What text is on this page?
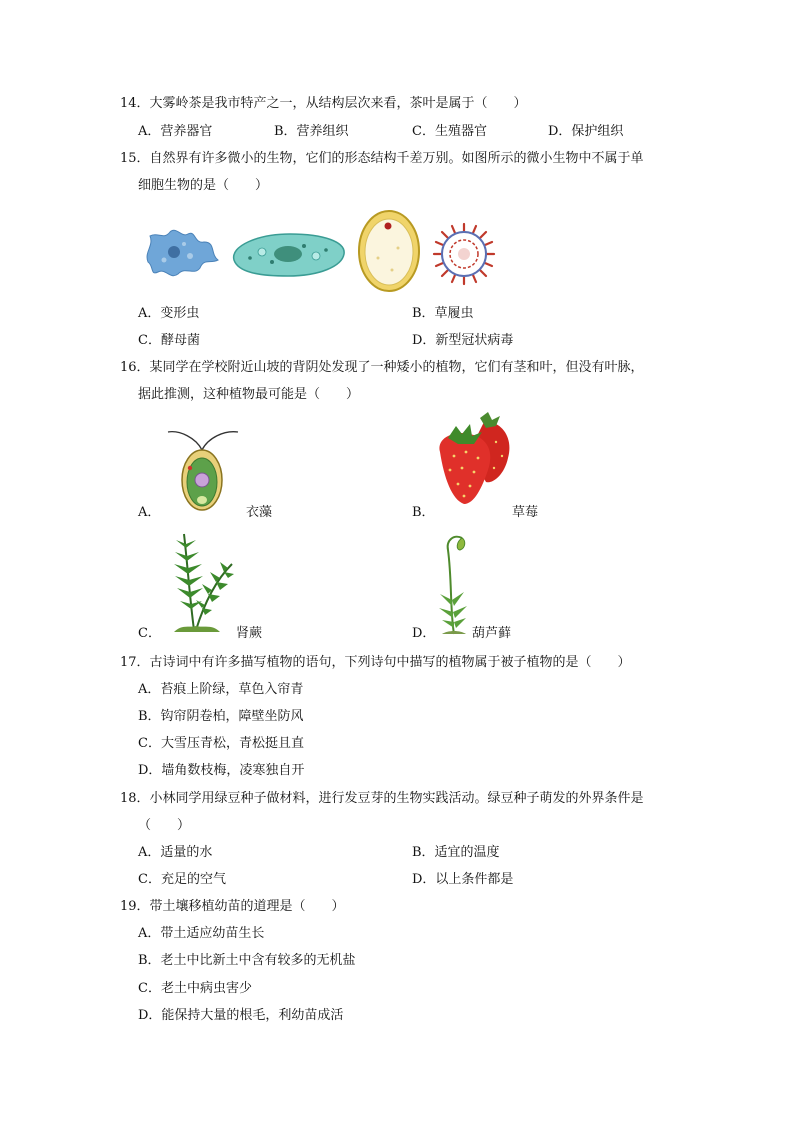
14．大雾岭茶是我市特产之一，从结构层次来看，茶叶是属于（　　）
A．营养器官	B．营养组织	C．生殖器官	D．保护组织
15．自然界有许多微小的生物，它们的形态结构千差万别。如图所示的微小生物中不属于单
细胞生物的是（　　）
A．变形虫	B．草履虫
C．酵母菌	D．新型冠状病毒
16．某同学在学校附近山坡的背阴处发现了一种矮小的植物，它们有茎和叶，但没有叶脉，
据此推测，这种植物最可能是（　　）
A．	衣藻	B．	草莓
C．	肾蕨	D．	葫芦藓
17．古诗词中有许多描写植物的语句，下列诗句中描写的植物属于被子植物的是（　　）
A．苔痕上阶绿，草色入帘青
B．钩帘阴卷柏，障壁坐防风
C．大雪压青松，青松挺且直
D．墙角数枝梅，凌寒独自开
18．小林同学用绿豆种子做材料，进行发豆芽的生物实践活动。绿豆种子萌发的外界条件是
（　　）
A．适量的水	B．适宜的温度
C．充足的空气	D．以上条件都是
19．带土壤移植幼苗的道理是（　　）
A．带土适应幼苗生长
B．老土中比新土中含有较多的无机盐
C．老土中病虫害少
D．能保持大量的根毛，利幼苗成活
